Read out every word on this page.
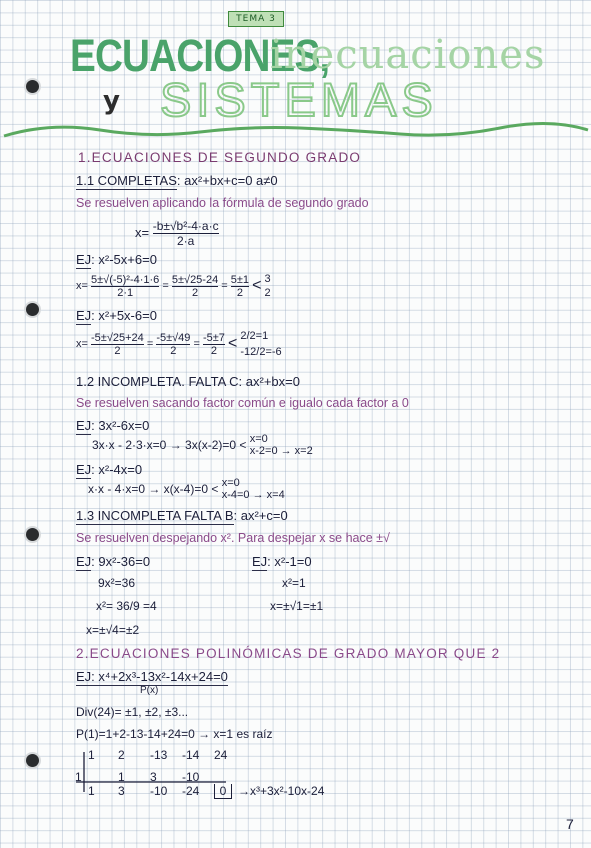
TEMA 3
ECUACIONES,
inecuaciones
y SISTEMAS
1.ECUACIONES DE SEGUNDO GRADO
1.1 COMPLETAS: ax²+bx+c=0 a≠0
Se resuelven aplicando la fórmula de segundo grado
$x= \frac{\text{-b±√b²-4·a·c}}{2\cdot a}$
EJ: x²-5x+6=0
$x= \frac{\text{5±√(-5)²-4·1·6}}{2\cdot 1} = \frac{5\pm√25-24}{2} = \frac{5\pm 1}{2} < 3$
2
EJ: x²+5x-6=0
$x= \frac{-5\pm√25+24}{2} = \frac{-5\pm√49}{2} = \frac{-5\pm 7}{2} < 2/2=1$
-12/2=-6
1.2 INCOMPLETA. FALTA C: ax²+bx=0
Se resuelven sacando factor común e igualo cada factor a 0
EJ: 3x²-6x=0
3x·x - 2·3·x=0 → 3x(x-2)=0 < x=0
x-2=0 → x=2
EJ: x²-4x=0
x·x - 4·x=0 → x(x-4)=0 < x=0
x-4=0 → x=4
1.3 INCOMPLETA FALTA B: ax²+c=0
Se resuelven despejando x². Para despejar x se hace ±√
EJ: 9x²-36=0
9x²=36
x²= 36/9 =4
x=±√4=±2
EJ: x²-1=0
x²=1
x=±√1=±1
2.ECUACIONES POLINÓMICAS DE GRADO MAYOR QUE 2
EJ: x⁴+2x³-13x²-14x+24=0
P(x)
Div(24)= ±1, ±2, ±3...
P(1)=1+2-13-14+24=0 → x=1 es raíz
1 2 -13 -14 24
1	1 3 -10
1 3 -10 -24 0 →x³+3x²-10x-24
7
